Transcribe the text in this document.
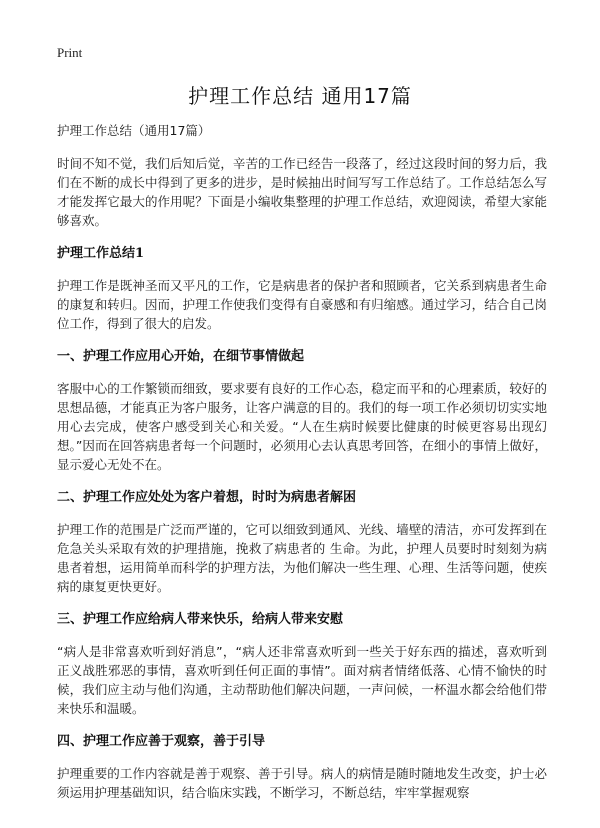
Print
护理工作总结 通用17篇

护理工作总结（通用17篇）

时间不知不觉，我们后知后觉，辛苦的工作已经告一段落了，经过这段时间的努力后，我们在不断的成长中得到了更多的进步，是时候抽出时间写写工作总结了。工作总结怎么写才能发挥它最大的作用呢？下面是小编收集整理的护理工作总结，欢迎阅读，希望大家能够喜欢。

护理工作总结1

护理工作是既神圣而又平凡的工作，它是病患者的保护者和照顾者，它关系到病患者生命的康复和转归。因而，护理工作使我们变得有自豪感和有归缩感。通过学习，结合自己岗位工作，得到了很大的启发。

一、护理工作应用心开始，在细节事情做起

客服中心的工作繁锁而细致，要求要有良好的工作心态，稳定而平和的心理素质，较好的思想品德，才能真正为客户服务，让客户满意的目的。我们的每一项工作必须切切实实地用心去完成，使客户感受到关心和关爱。“人在生病时候要比健康的时候更容易出现幻想。”因而在回答病患者每一个问题时，必须用心去认真思考回答，在细小的事情上做好，显示爱心无处不在。

二、护理工作应处处为客户着想，时时为病患者解困

护理工作的范围是广泛而严谨的，它可以细致到通风、光线、墙壁的清洁，亦可发挥到在危急关头采取有效的护理措施，挽救了病患者的 生命。为此，护理人员要时时刻刻为病患者着想，运用简单而科学的护理方法，为他们解决一些生理、心理、生活等问题，使疾病的康复更快更好。

三、护理工作应给病人带来快乐，给病人带来安慰

“病人是非常喜欢听到好消息”，“病人还非常喜欢听到一些关于好东西的描述，喜欢听到正义战胜邪恶的事情，喜欢听到任何正面的事情”。面对病者情绪低落、心情不愉快的时候，我们应主动与他们沟通，主动帮助他们解决问题，一声问候，一杯温水都会给他们带来快乐和温暖。

四、护理工作应善于观察，善于引导

护理重要的工作内容就是善于观察、善于引导。病人的病情是随时随地发生改变，护士必须运用护理基础知识，结合临床实践，不断学习，不断总结，牢牢掌握观察
